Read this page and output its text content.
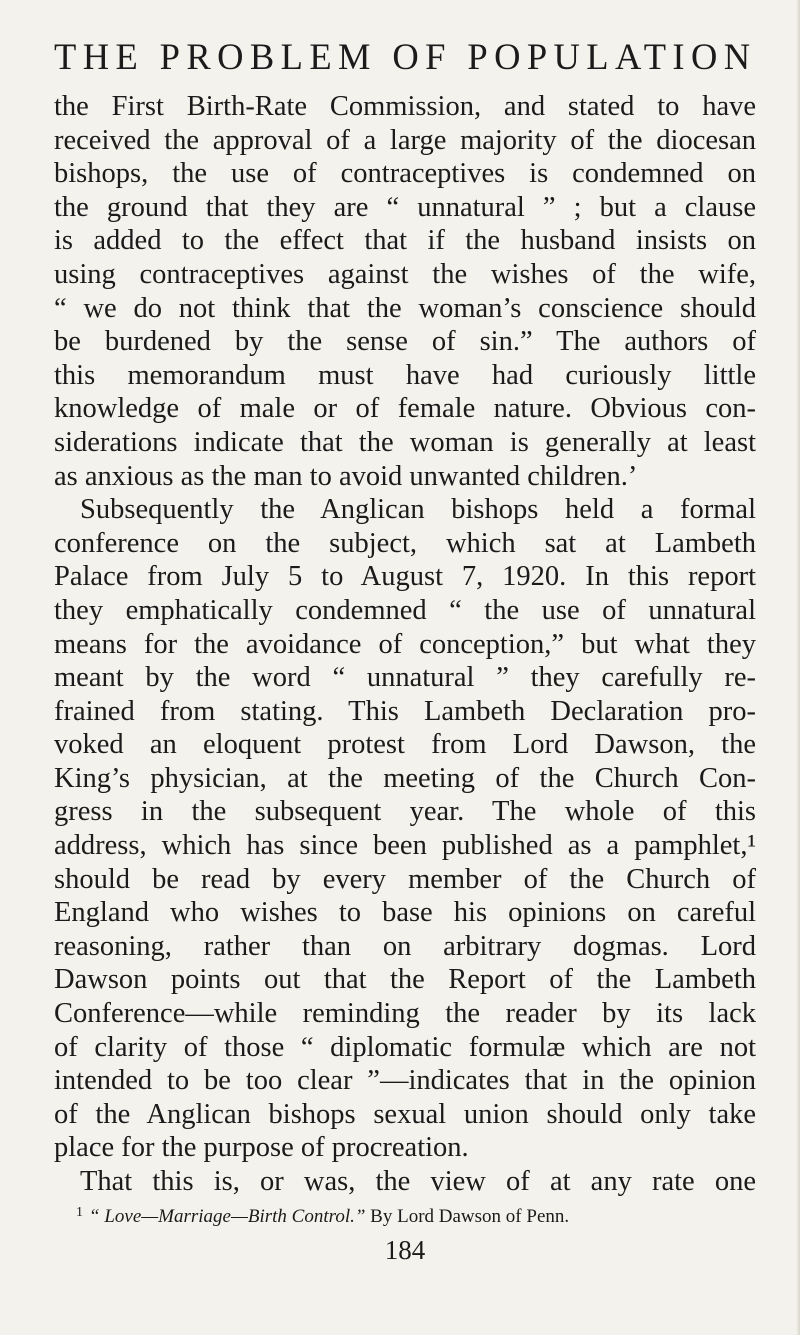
THE PROBLEM OF POPULATION
the First Birth-Rate Commission, and stated to have
received the approval of a large majority of the diocesan
bishops, the use of contraceptives is condemned on
the ground that they are “ unnatural ” ; but a clause
is added to the effect that if the husband insists on
using contraceptives against the wishes of the wife,
“ we do not think that the woman’s conscience should
be burdened by the sense of sin.” The authors of
this memorandum must have had curiously little
knowledge of male or of female nature. Obvious con-
siderations indicate that the woman is generally at least
as anxious as the man to avoid unwanted children.ʼ
Subsequently the Anglican bishops held a formal
conference on the subject, which sat at Lambeth
Palace from July 5 to August 7, 1920. In this report
they emphatically condemned “ the use of unnatural
means for the avoidance of conception,” but what they
meant by the word “ unnatural ” they carefully re-
frained from stating. This Lambeth Declaration pro-
voked an eloquent protest from Lord Dawson, the
King’s physician, at the meeting of the Church Con-
gress in the subsequent year. The whole of this
address, which has since been published as a pamphlet,¹
should be read by every member of the Church of
England who wishes to base his opinions on careful
reasoning, rather than on arbitrary dogmas. Lord
Dawson points out that the Report of the Lambeth
Conference—while reminding the reader by its lack
of clarity of those “ diplomatic formulæ which are not
intended to be too clear ”—indicates that in the opinion
of the Anglican bishops sexual union should only take
place for the purpose of procreation.
That this is, or was, the view of at any rate one
$^1$ “ Love—Marriage—Birth Control.” By Lord Dawson of Penn.
184
